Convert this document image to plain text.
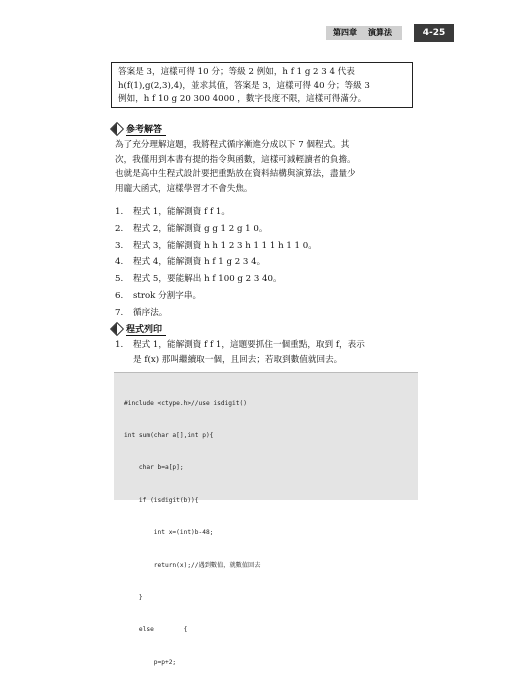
第四章	演算法	4-25

答案是 3，這樣可得 10 分；等級 2 例如，h f 1 g 2 3 4 代表

h(f(1),g(2,3),4)，並求其值，答案是 3，這樣可得 40 分；等級 3

例如，h f 10 g 20 300 4000 ，數字長度不限，這樣可得滿分。

參考解答

為了充分理解這題，我將程式循序漸進分成以下 7 個程式。其

次，我僅用到本書有提的指令與函數，這樣可減輕讀者的負擔。

也就是高中生程式設計要把重點放在資料結構與演算法，盡量少

用龐大函式，這樣學習才不會失焦。

1.	程式 1，能解測資 f f 1。
2.	程式 2，能解測資 g g 1 2 g 1 0。
3.	程式 3，能解測資 h h 1 2 3 h 1 1 1 h 1 1 0。
4.	程式 4，能解測資 h f 1 g 2 3 4。
5.	程式 5，要能解出 h f 100 g 2 3 40。
6.	strok 分割字串。
7.	循序法。
程式列印

1. 程式 1，能解測資 f f 1，這題要抓住一個重點，取到 f，表示

是 f(x) 那叫繼續取一個，且回去；若取到數值就回去。

#include <ctype.h>//use isdigit()

int sum(char a[],int p){

char b=a[p];

if (isdigit(b)){

int x=(int)b-48;

return(x);//遇到數值，就數值回去

}

else        {

p=p+2;
